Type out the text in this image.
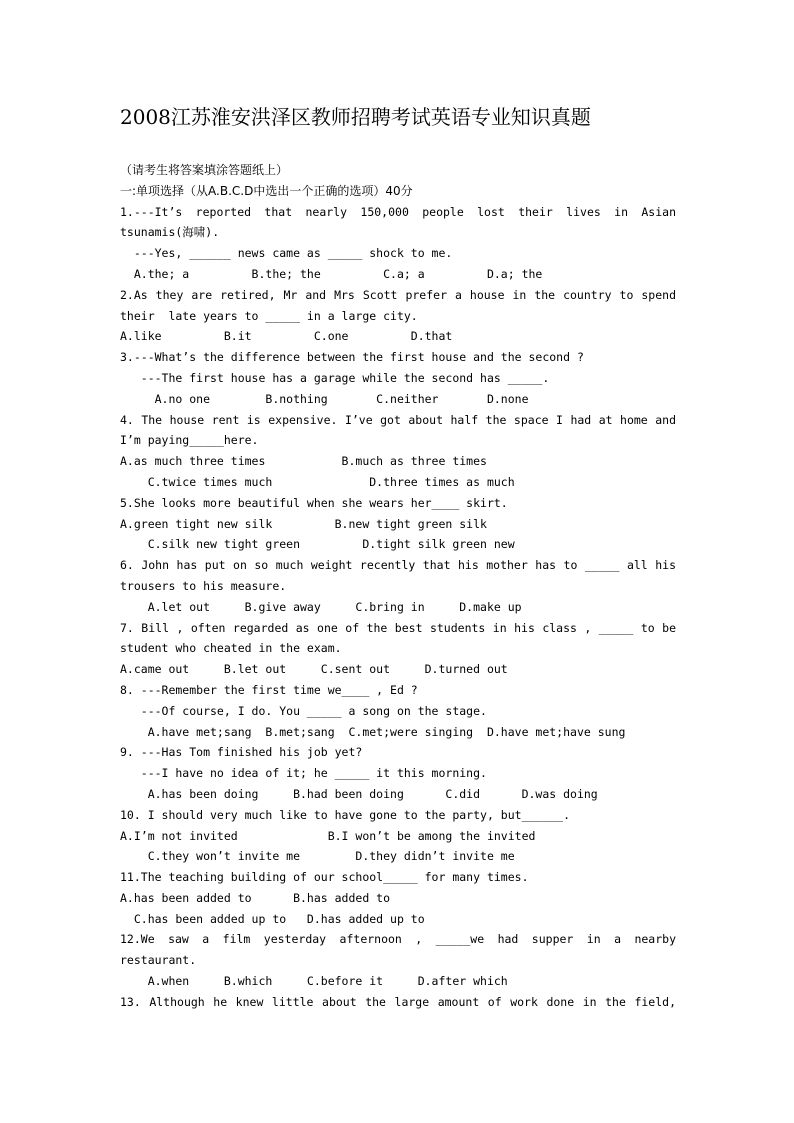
2008江苏淮安洪泽区教师招聘考试英语专业知识真题
（请考生将答案填涂答题纸上）
一:单项选择（从A.B.C.D中选出一个正确的选项）40分
1.---It’s reported that nearly 150,000 people lost their lives in Asian
tsunamis(海啸).
---Yes, ______ news came as _____ shock to me.
A.the; a         B.the; the         C.a; a         D.a; the
2.As they are retired, Mr and Mrs Scott prefer a house in the country to spend
their  late years to _____ in a large city.
A.like         B.it         C.one         D.that
3.---What’s the difference between the first house and the second ?
---The first house has a garage while the second has _____.
A.no one        B.nothing       C.neither       D.none
4. The house rent is expensive. I’ve got about half the space I had at home and
I’m paying_____here.
A.as much three times           B.much as three times
C.twice times much              D.three times as much
5.She looks more beautiful when she wears her____ skirt.
A.green tight new silk         B.new tight green silk
C.silk new tight green         D.tight silk green new
6. John has put on so much weight recently that his mother has to _____ all his
trousers to his measure.
A.let out     B.give away     C.bring in     D.make up
7. Bill , often regarded as one of the best students in his class , _____ to be
student who cheated in the exam.
A.came out     B.let out     C.sent out     D.turned out
8. ---Remember the first time we____ , Ed ?
---Of course, I do. You _____ a song on the stage.
A.have met;sang  B.met;sang  C.met;were singing  D.have met;have sung
9. ---Has Tom finished his job yet?
---I have no idea of it; he _____ it this morning.
A.has been doing     B.had been doing      C.did      D.was doing
10. I should very much like to have gone to the party, but______.
A.I’m not invited             B.I won’t be among the invited
C.they won’t invite me        D.they didn’t invite me
11.The teaching building of our school_____ for many times.
A.has been added to      B.has added to
C.has been added up to   D.has added up to
12.We saw a film yesterday afternoon , _____we had supper in a nearby
restaurant.
A.when     B.which     C.before it     D.after which
13. Although he knew little about the large amount of work done in the field,
